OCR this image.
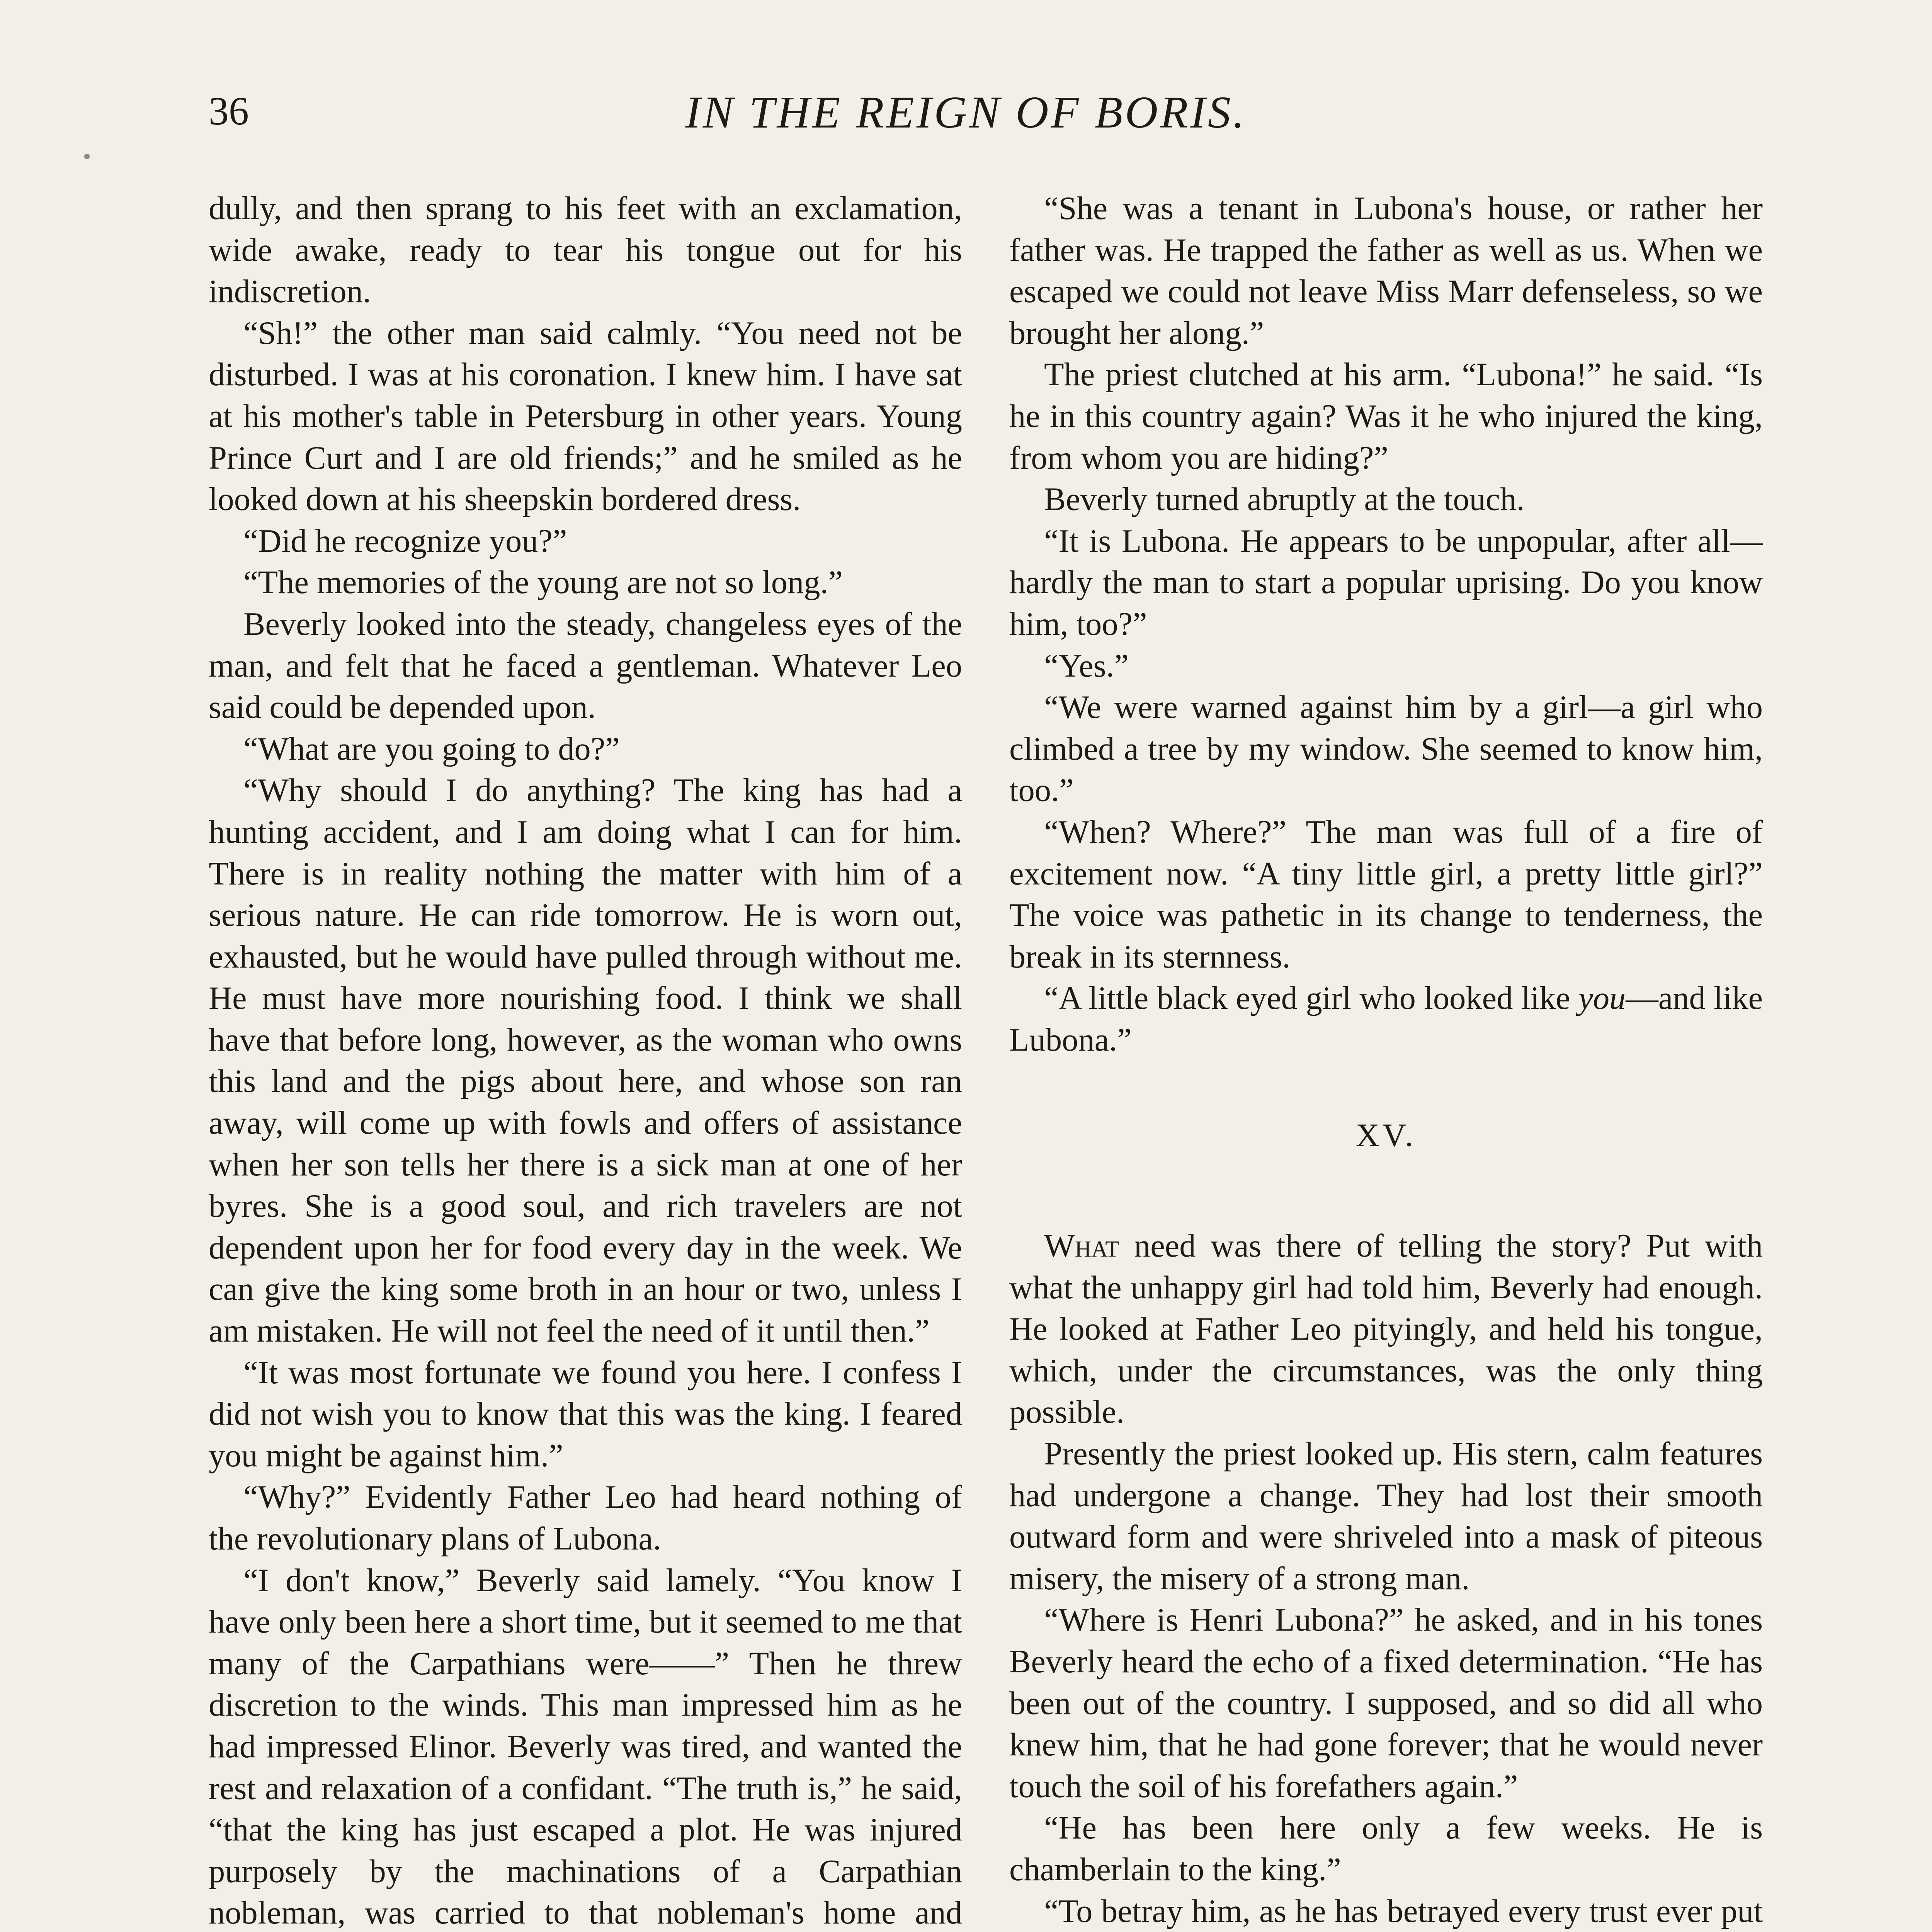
36	IN THE REIGN OF BORIS.

dully, and then sprang to his feet with an exclamation, wide awake, ready to tear his tongue out for his indiscretion.

“Sh!” the other man said calmly. “You need not be disturbed. I was at his coronation. I knew him. I have sat at his mother's table in Petersburg in other years. Young Prince Curt and I are old friends;” and he smiled as he looked down at his sheepskin bordered dress.

“Did he recognize you?”

“The memories of the young are not so long.”

Beverly looked into the steady, changeless eyes of the man, and felt that he faced a gentleman. Whatever Leo said could be depended upon.

“What are you going to do?”

“Why should I do anything? The king has had a hunting accident, and I am doing what I can for him. There is in reality nothing the matter with him of a serious nature. He can ride tomorrow. He is worn out, exhausted, but he would have pulled through without me. He must have more nourishing food. I think we shall have that before long, however, as the woman who owns this land and the pigs about here, and whose son ran away, will come up with fowls and offers of assistance when her son tells her there is a sick man at one of her byres. She is a good soul, and rich travelers are not dependent upon her for food every day in the week. We can give the king some broth in an hour or two, unless I am mistaken. He will not feel the need of it until then.”

“It was most fortunate we found you here. I confess I did not wish you to know that this was the king. I feared you might be against him.”

“Why?” Evidently Father Leo had heard nothing of the revolutionary plans of Lubona.

“I don't know,” Beverly said lamely. “You know I have only been here a short time, but it seemed to me that many of the Carpathians were——” Then he threw discretion to the winds. This man impressed him as he had impressed Elinor. Beverly was tired, and wanted the rest and relaxation of a confidant. “The truth is,” he said, “that the king has just escaped a plot. He was injured purposely by the machinations of a Carpathian nobleman, was carried to that nobleman's home and

“She was a tenant in Lubona's house, or rather her father was. He trapped the father as well as us. When we escaped we could not leave Miss Marr defenseless, so we brought her along.”

The priest clutched at his arm. “Lubona!” he said. “Is he in this country again? Was it he who injured the king, from whom you are hiding?”

Beverly turned abruptly at the touch.

“It is Lubona. He appears to be unpopular, after all—hardly the man to start a popular uprising. Do you know him, too?”

“Yes.”

“We were warned against him by a girl—a girl who climbed a tree by my window. She seemed to know him, too.”

“When? Where?” The man was full of a fire of excitement now. “A tiny little girl, a pretty little girl?” The voice was pathetic in its change to tenderness, the break in its sternness.

“A little black eyed girl who looked like you—and like Lubona.”

XV.

What need was there of telling the story? Put with what the unhappy girl had told him, Beverly had enough. He looked at Father Leo pityingly, and held his tongue, which, under the circumstances, was the only thing possible.

Presently the priest looked up. His stern, calm features had undergone a change. They had lost their smooth outward form and were shriveled into a mask of piteous misery, the misery of a strong man.

“Where is Henri Lubona?” he asked, and in his tones Beverly heard the echo of a fixed determination. “He has been out of the country. I supposed, and so did all who knew him, that he had gone forever; that he would never touch the soil of his forefathers again.”

“He has been here only a few weeks. He is chamberlain to the king.”

“To betray him, as he has betrayed every trust ever put
